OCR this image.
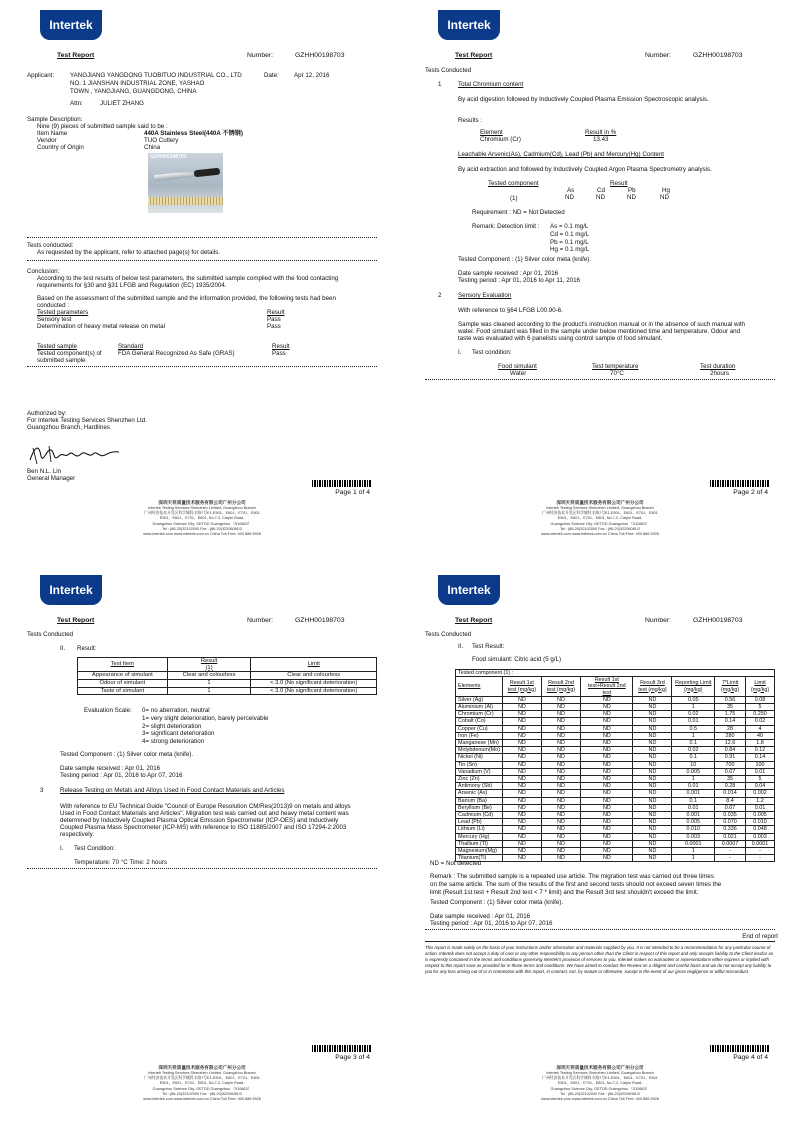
Intertek
Test Report	Number:	GZHH00198703
Applicant:	YANGJIANG YANGDONG TUOBITUO INDUSTRIAL CO., LTD
NO. 1 JIANSHAN INDUSTRIAL ZONE, YASHAO
TOWN , YANGJIANG, GUANGDONG, CHINA
Date: Apr 12, 2016
Attn:	JULIET ZHANG
Sample Description:
Nine (9) pieces of submitted sample said to be :
Item Name	440A Stainless Steel(440A 不锈钢)
Vendor	TUO Cutlery
Country of Origin	China
GZHH00198703
Tests conducted:
As requested by the applicant, refer to attached page(s) for details.
Conclusion:
According to the test results of below test parameters, the submitted sample complied with the food contacting
requirements for §30 and §31 LFGB and Regulation (EC) 1935/2004.
Based on the assessment of the submitted sample and the information provided, the following tests had been
conducted :
Tested parameters	Result
Sensory test	Pass
Determination of heavy metal release on metal	Pass
Tested sample	Standard	Result
Tested component(s) of
submitted sample
FDA General Recognized As Safe (GRAS)	Pass
Authorized by:
For Intertek Testing Services Shenzhen Ltd.
Guangzhou Branch, Hardlines
Ben N.L. Lin
General Manager
Page 1 of 4
深圳天祥质量技术服务有限公司广州分公司
Intertek Testing Services Shenzhen Limited, Guangzhou Branch
广州经济技术开发区科学城科丰路7号E1-E501、E601、E701、E801
E501、E601、E701、E801, No.7-2, Caipin Road,
Guangzhou Science City, GETDD Guangzhou （510663）
Tel : (86-20)32102000 Fax : (86-20)32206081/2
www.intertek.com www.intertek.com.cn China Toll-Free: 400 886 9926
Intertek
Test Report	Number:	GZHH00198703
Tests Conducted
1	Total Chromium content
By acid digestion followed by Inductively Coupled Plasma Emission Spectroscopic analysis.
Results :
Element	Result in %
Chromium (Cr)	13.43
Leachable Arsenic(As), Cadmium(Cd), Lead (Pb) and Mercury(Hg) Content
By acid extraction and followed by Inductively Coupled Argon Plasma Spectrometry analysis.
Tested component	Result
As	Cd	Pb	Hg
(1)	ND	ND	ND	ND
Requirement : ND = Not Detected
Remark: Detection limit : As = 0.1 mg/L
Cd = 0.1 mg/L
Pb = 0.1 mg/L
Hg = 0.1 mg/L
Tested Component : (1) Silver color meta (knife).
Date sample received : Apr 01, 2016
Testing period : Apr 01, 2016 to Apr 11, 2016
2	Sensory Evaluation
With reference to §64 LFGB L00.90-6.
Sample was cleaned according to the product's instruction manual or in the absence of such manual with
water. Food simulant was filled in the sample under below mentioned time and temperature. Odour and
taste was evaluated with 6 panelists using control sample of food simulant.
I. Test condition:
Food simulant	Test temperature	Test duration
Water	70°C	2hours
Page 2 of 4
深圳天祥质量技术服务有限公司广州分公司
Intertek Testing Services Shenzhen Limited, Guangzhou Branch
广州经济技术开发区科学城科丰路7号E1-E501、E601、E701、E801
E501、E601、E701、E801, No.7-2, Caipin Road,
Guangzhou Science City, GETDD Guangzhou （510663）
Tel : (86-20)32102000 Fax : (86-20)32206081/2
www.intertek.com www.intertek.com.cn China Toll-Free: 400 886 9926
Intertek
Test Report	Number:	GZHH00198703
Tests Conducted
II. Result:
Test Item	Result
(1)	Limit
Appearance of simulant	Clear and colourless	Clear and colourless
Odour of simulant	1	< 3.0 (No significant deterioration)
Taste of simulant	1	< 3.0 (No significant deterioration)
Evaluation Scale: 0= no aberration, neutral
1= very slight deterioration, barely perceivable
2= slight deterioration
3= significant deterioration
4= strong deterioration
Tested Component : (1) Silver color meta (knife).
Date sample received : Apr 01, 2016
Testing period : Apr 01, 2016 to Apr 07, 2016
3	Release Testing on Metals and Alloys Used in Food Contact Materials and Articles
With reference to EU Technical Guide "Council of Europe Resolution CM/Res(2013)9 on metals and alloys
Used in Food Contact Materials and Articles". Migration test was carried out and heavy metal content was
determined by Inductively Coupled Plasma Optical Emission Spectrometer (ICP-OES) and Inductively
Coupled Plasma Mass Spectrometer (ICP-MS) with reference to ISO 11885/2007 and ISO 17294-2:2003
respectively.
I. Test Condition:
Temperature: 70 °C Time: 2 hours
Page 3 of 4
深圳天祥质量技术服务有限公司广州分公司
Intertek Testing Services Shenzhen Limited, Guangzhou Branch
广州经济技术开发区科学城科丰路7号E1-E501、E601、E701、E801
E501、E601、E701、E801, No.7-2, Caipin Road,
Guangzhou Science City, GETDD Guangzhou （510663）
Tel : (86-20)32102000 Fax : (86-20)32206081/2
www.intertek.com www.intertek.com.cn China Toll-Free: 400 886 9926
Intertek
Test Report	Number:	GZHH00198703
Tests Conducted
II. Test Result:
Food simulant: Citric acid (5 g/L)
Tested component (1) :							
Elements	Result 1st test (mg/kg)	Result 2nd test (mg/kg)	Result 1st test+Result 2nd test	Result 3rd test (mg/kg)	Reporting Limit (mg/kg)	7*Limit (mg/kg)	Limit (mg/kg)
Silver (Ag)	ND	ND	ND	ND	0.05	0.56	0.08
Aluminium (Al)	ND	ND	ND	ND	1	35	5
Chromium (Cr)	ND	ND	ND	ND	0.02	1.75	0.250
Cobalt (Co)	ND	ND	ND	ND	0.01	0.14	0.02
Copper (Cu)	ND	ND	ND	ND	0.5	28	4
Iron (Fe)	ND	ND	ND	ND	1	280	40
Manganese (Mn)	ND	ND	ND	ND	0.1	12.6	1.8
Molybdenum(Mo)	ND	ND	ND	ND	0.02	0.84	0.12
Nickel (Ni)	ND	ND	ND	ND	0.1	0.91	0.14
Tin (Sn)	ND	ND	ND	ND	10	700	100
Vanadium (V)	ND	ND	ND	ND	0.005	0.07	0.01
Zinc (Zn)	ND	ND	ND	ND	1	35	5
Antimony (Sb)	ND	ND	ND	ND	0.01	0.28	0.04
Arsenic (As)	ND	ND	ND	ND	0.001	0.014	0.002
Barium (Ba)	ND	ND	ND	ND	0.1	8.4	1.2
Beryllium (Be)	ND	ND	ND	ND	0.01	0.07	0.01
Cadmium (Cd)	ND	ND	ND	ND	0.001	0.035	0.005
Lead (Pb)	ND	ND	ND	ND	0.005	0.070	0.010
Lithium (Li)	ND	ND	ND	ND	0.010	0.336	0.048
Mercury (Hg)	ND	ND	ND	ND	0.003	0.021	0.003
Thallium (Tl)	ND	ND	ND	ND	0.0001	0.0007	0.0001
Magnesium(Mg)	ND	ND	ND	ND	1	-	-
Titanium(Ti)	ND	ND	ND	ND	1	-	-
ND = Not detected
Remark : The submitted sample is a repeated use article. The migration test was carried out three times
on the same article. The sum of the results of the first and second tests should not exceed seven times the
limit (Result 1st test + Result 2nd test < 7 * limit) and the Result 3rd test shouldn't exceed the limit.
Tested Component : (1) Silver color meta (knife).
Date sample received : Apr 01, 2016
Testing period : Apr 01, 2016 to Apr 07, 2016
End of report
This report is made solely on the basis of your instructions and/or information and materials supplied by you. It is not intended to be a recommendation for any particular course of action. Intertek does not accept a duty of care or any other responsibility to any person other than the Client in respect of this report and only accepts liability to the Client insofar as is expressly contained in the terms and conditions governing Intertek's provision of services to you. Intertek makes no warranties or representations either express or implied with respect to this report save as provided for in those terms and conditions. We have aimed to conduct the Review on a diligent and careful basis and we do not accept any liability to you for any loss arising out of or in connection with this report, in contract, tort, by statute or otherwise, except in the event of our gross negligence or wilful misconduct.
Page 4 of 4
深圳天祥质量技术服务有限公司广州分公司
Intertek Testing Services Shenzhen Limited, Guangzhou Branch
广州经济技术开发区科学城科丰路7号E1-E501、E601、E701、E801
E501、E601、E701、E801, No.7-2, Caipin Road,
Guangzhou Science City, GETDD Guangzhou （510663）
Tel : (86-20)32102000 Fax : (86-20)32206081/2
www.intertek.com www.intertek.com.cn China Toll-Free: 400 886 9926
